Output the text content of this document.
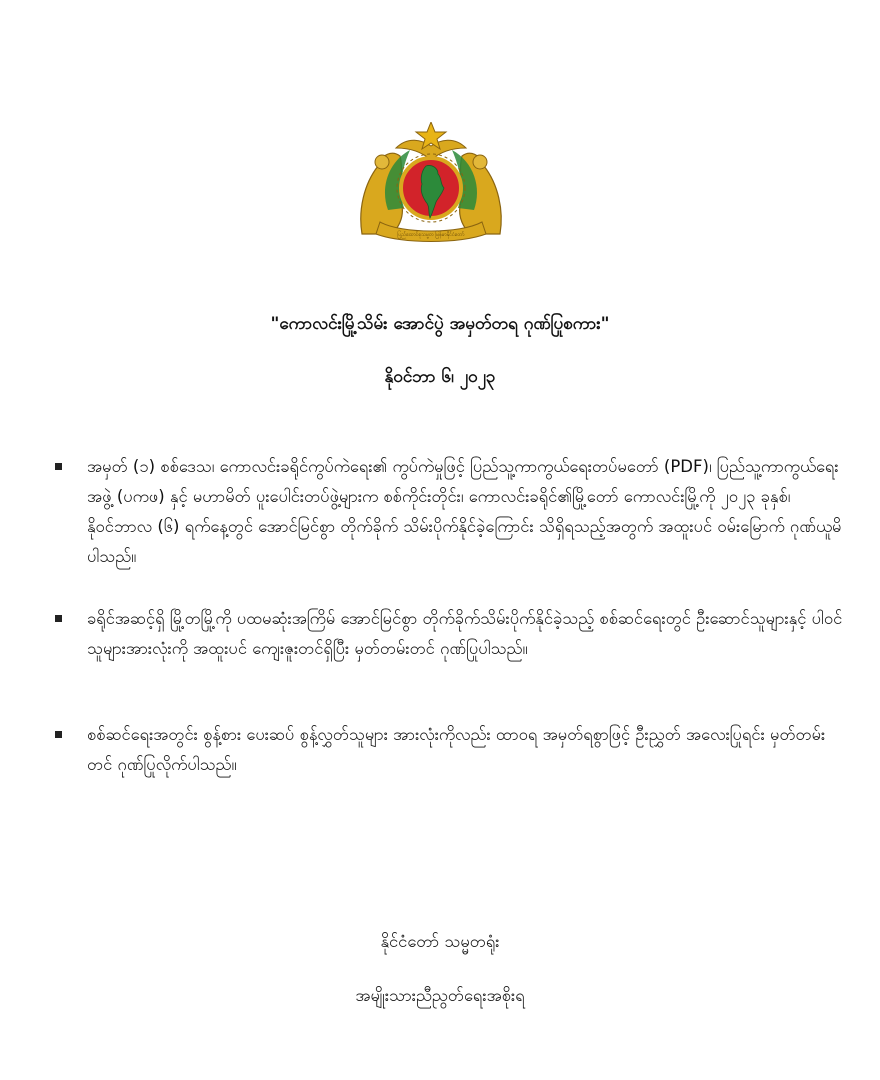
ပြည်ထောင်စုသမ္မတ မြန်မာနိုင်ငံတော်
"ကောလင်းမြို့သိမ်း အောင်ပွဲ အမှတ်တရ ဂုဏ်ပြုစကား"
နိုဝင်ဘာ ၆၊ ၂၀၂၃
အမှတ် (၁) စစ်ဒေသ၊ ကောလင်းခရိုင်ကွပ်ကဲရေး၏ ကွပ်ကဲမှုဖြင့် ပြည်သူ့ကာကွယ်ရေးတပ်မတော် (PDF)၊ ပြည်သူ့ကာကွယ်ရေးအဖွဲ့ (ပကဖ) နှင့် မဟာမိတ် ပူးပေါင်းတပ်ဖွဲ့များက စစ်ကိုင်းတိုင်း၊ ကောလင်းခရိုင်၏မြို့တော် ကောလင်းမြို့ကို ၂၀၂၃ ခုနှစ်၊ နိုဝင်ဘာလ (၆) ရက်နေ့တွင် အောင်မြင်စွာ တိုက်ခိုက် သိမ်းပိုက်နိုင်ခဲ့ကြောင်း သိရှိရသည့်အတွက် အထူးပင် ဝမ်းမြောက် ဂုဏ်ယူမိပါသည်။
ခရိုင်အဆင့်ရှိ မြို့တမြို့ကို ပထမဆုံးအကြိမ် အောင်မြင်စွာ တိုက်ခိုက်သိမ်းပိုက်နိုင်ခဲ့သည့် စစ်ဆင်ရေးတွင် ဦးဆောင်သူများနှင့် ပါဝင်သူများအားလုံးကို အထူးပင် ကျေးဇူးတင်ရှိပြီး မှတ်တမ်းတင် ဂုဏ်ပြုပါသည်။
စစ်ဆင်ရေးအတွင်း စွန့်စား ပေးဆပ် စွန့်လွှတ်သူများ အားလုံးကိုလည်း ထာဝရ အမှတ်ရစွာဖြင့် ဦးညွှတ် အလေးပြုရင်း မှတ်တမ်းတင် ဂုဏ်ပြုလိုက်ပါသည်။
နိုင်ငံတော် သမ္မတရုံး
အမျိုးသားညီညွတ်ရေးအစိုးရ
